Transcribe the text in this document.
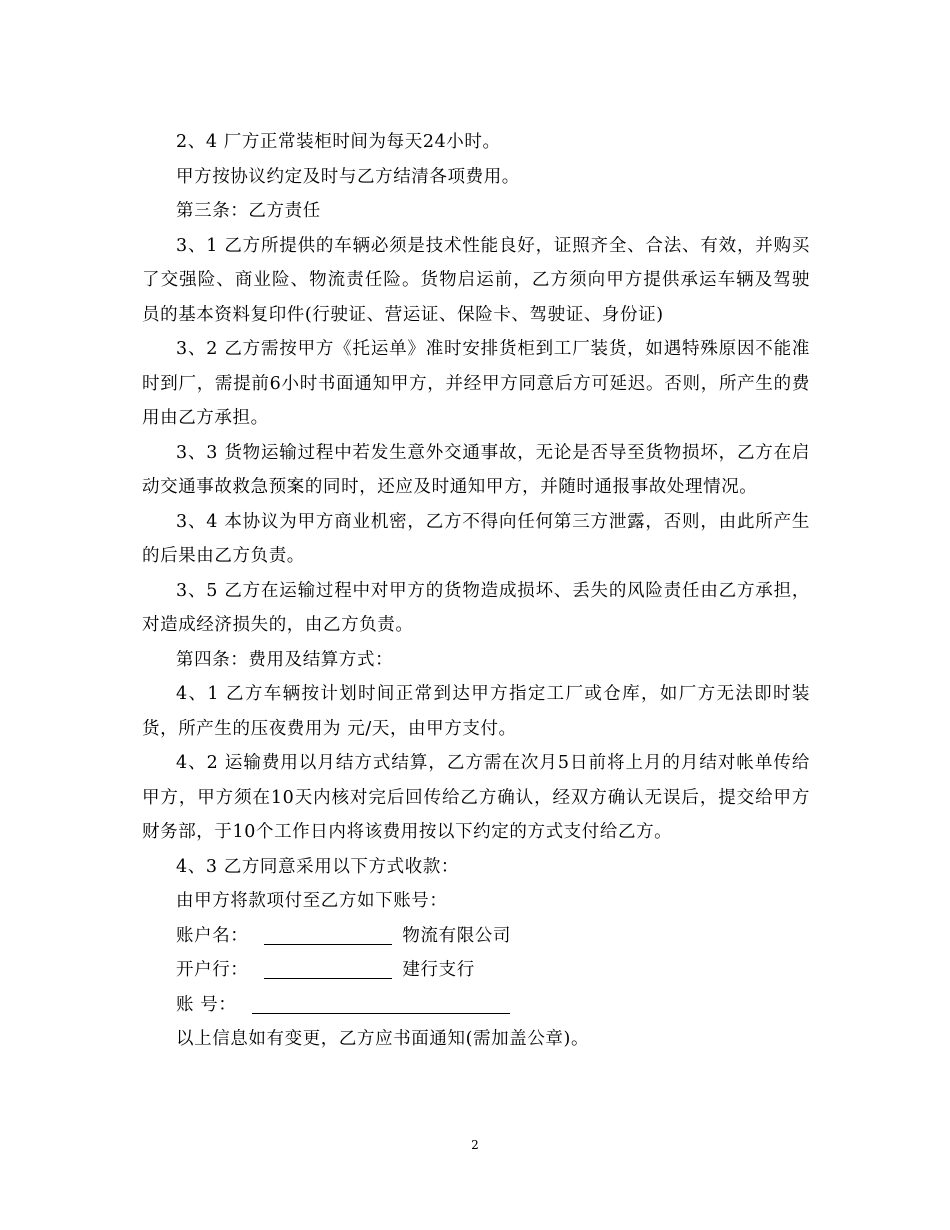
2、4 厂方正常装柜时间为每天24小时。

甲方按协议约定及时与乙方结清各项费用。

第三条：乙方责任

3、1 乙方所提供的车辆必须是技术性能良好，证照齐全、合法、有效，并购买了交强险、商业险、物流责任险。货物启运前，乙方须向甲方提供承运车辆及驾驶员的基本资料复印件(行驶证、营运证、保险卡、驾驶证、身份证)

3、2 乙方需按甲方《托运单》准时安排货柜到工厂装货，如遇特殊原因不能准时到厂，需提前6小时书面通知甲方，并经甲方同意后方可延迟。否则，所产生的费用由乙方承担。

3、3 货物运输过程中若发生意外交通事故，无论是否导至货物损坏，乙方在启动交通事故救急预案的同时，还应及时通知甲方，并随时通报事故处理情况。

3、4 本协议为甲方商业机密，乙方不得向任何第三方泄露，否则，由此所产生的后果由乙方负责。

3、5 乙方在运输过程中对甲方的货物造成损坏、丢失的风险责任由乙方承担，对造成经济损失的，由乙方负责。

第四条：费用及结算方式：

4、1 乙方车辆按计划时间正常到达甲方指定工厂或仓库，如厂方无法即时装货，所产生的压夜费用为 元/天，由甲方支付。

4、2 运输费用以月结方式结算，乙方需在次月5日前将上月的月结对帐单传给甲方，甲方须在10天内核对完后回传给乙方确认，经双方确认无误后，提交给甲方财务部，于10个工作日内将该费用按以下约定的方式支付给乙方。

4、3 乙方同意采用以下方式收款：

由甲方将款项付至乙方如下账号：

账户名：	物流有限公司

开户行：	建行支行

账 号：

以上信息如有变更，乙方应书面通知(需加盖公章)。

2
